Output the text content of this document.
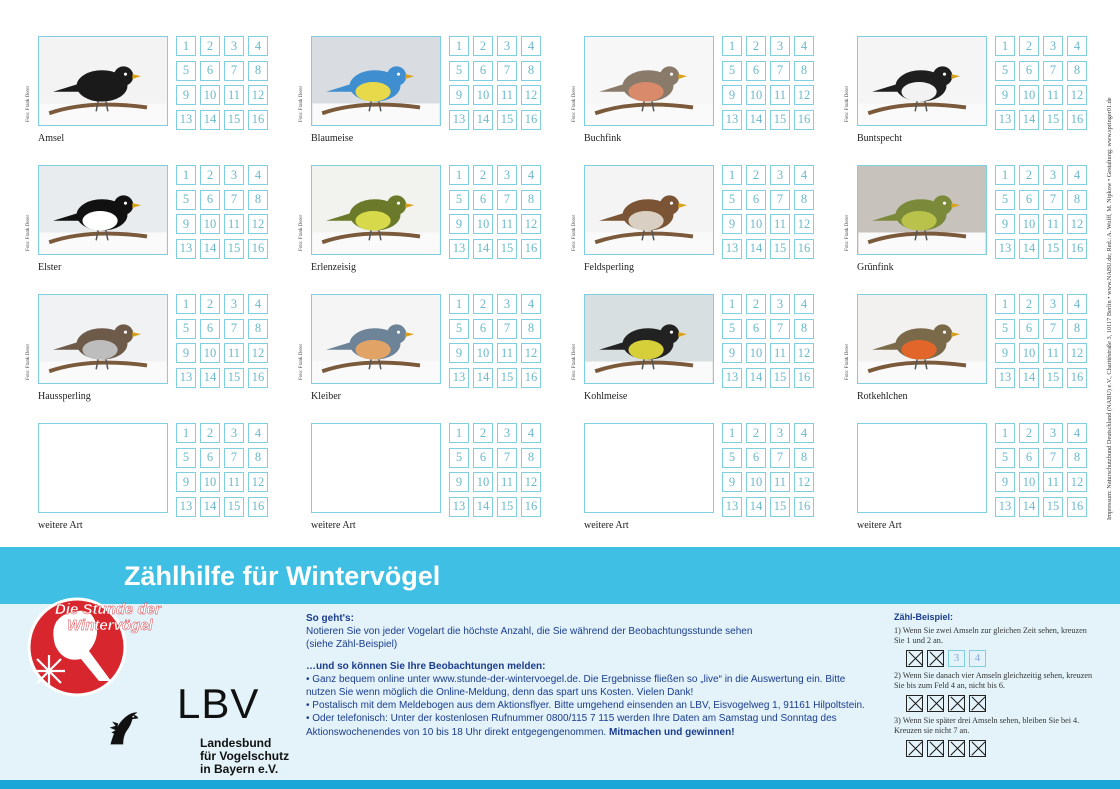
Foto: Frank Derer
Amsel
1	2	3	4
5	6	7	8
9	10 11 12
13 14 15 16	Foto: Frank Derer
Blaumeise
1	2	3	4
5	6	7	8
9	10 11 12
13 14 15 16	Foto: Frank Derer
Buchfink
1	2	3	4
5	6	7	8
9	10 11 12
13 14 15 16	Foto: Frank Derer
Buntspecht
1	2	3	4
5	6	7	8
9	10 11 12
13 14 15 16
Foto: Frank Derer
Elster
1	2	3	4
5	6	7	8
9	10 11 12
13 14 15 16	Foto: Frank Derer
Erlenzeisig
1	2	3	4
5	6	7	8
9	10 11 12
13 14 15 16	Foto: Frank Derer
Feldsperling
1	2	3	4
5	6	7	8
9	10 11 12
13 14 15 16	Foto: Frank Derer
Grünfink
1	2	3	4
5	6	7	8
9	10 11 12
13 14 15 16
Foto: Frank Derer
Haussperling
1	2	3	4
5	6	7	8
9	10 11 12
13 14 15 16	Foto: Frank Derer
Kleiber
1	2	3	4
5	6	7	8
9	10 11 12
13 14 15 16	Foto: Frank Derer
Kohlmeise
1	2	3	4
5	6	7	8
9	10 11 12
13 14 15 16	Foto: Frank Derer
Rotkehlchen
1	2	3	4
5	6	7	8
9	10 11 12
13 14 15 16
weitere Art
1	2	3	4
5	6	7	8
9	10 11 12
13 14 15 16
weitere Art
1	2	3	4
5	6	7	8
9	10 11 12
13 14 15 16
weitere Art
1	2	3	4
5	6	7	8
9	10 11 12
13 14 15 16
weitere Art
1	2	3	4
5	6	7	8
9	10 11 12
13 14 15 16	Impressum: Naturschutzbund Deutschland (NABU) e.V., Charitéstraße 3, 10117 Berlin • www.NABU.de; Red.: A. Wolff, M. Nipkow • Gestaltung: www.springer01.de
Zählhilfe für Wintervögel
Die Stunde der
Wintervögel
LBV
Landesbund
für Vogelschutz
in Bayern e.V.

So geht's:

Notieren Sie von jeder Vogelart die höchste Anzahl, die Sie während der Beobachtungsstunde sehen

(siehe Zähl-Beispiel)

…und so können Sie Ihre Beobachtungen melden:

• Ganz bequem online unter www.stunde-der-wintervoegel.de. Die Ergebnisse fließen so „live“ in die Auswertung ein. Bitte nutzen Sie wenn möglich die Online-Meldung, denn das spart uns Kosten. Vielen Dank!

• Postalisch mit dem Meldebogen aus dem Aktionsflyer. Bitte umgehend einsenden an LBV, Eisvogelweg 1, 91161 Hilpoltstein.

• Oder telefonisch: Unter der kostenlosen Rufnummer 0800/115 7 115 werden Ihre Daten am Samstag und Sonntag des Aktionswochenendes von 10 bis 18 Uhr direkt entgegengenommen. Mitmachen und gewinnen!

Zähl-Beispiel:
1) Wenn Sie zwei Amseln zur gleichen Zeit sehen, kreuzen Sie 1 und 2 an.
3	4
2) Wenn Sie danach vier Amseln gleichzeitig sehen, kreuzen Sie bis zum Feld 4 an, nicht bis 6.
3) Wenn Sie später drei Amseln sehen, bleiben Sie bei 4. Kreuzen sie nicht 7 an.
